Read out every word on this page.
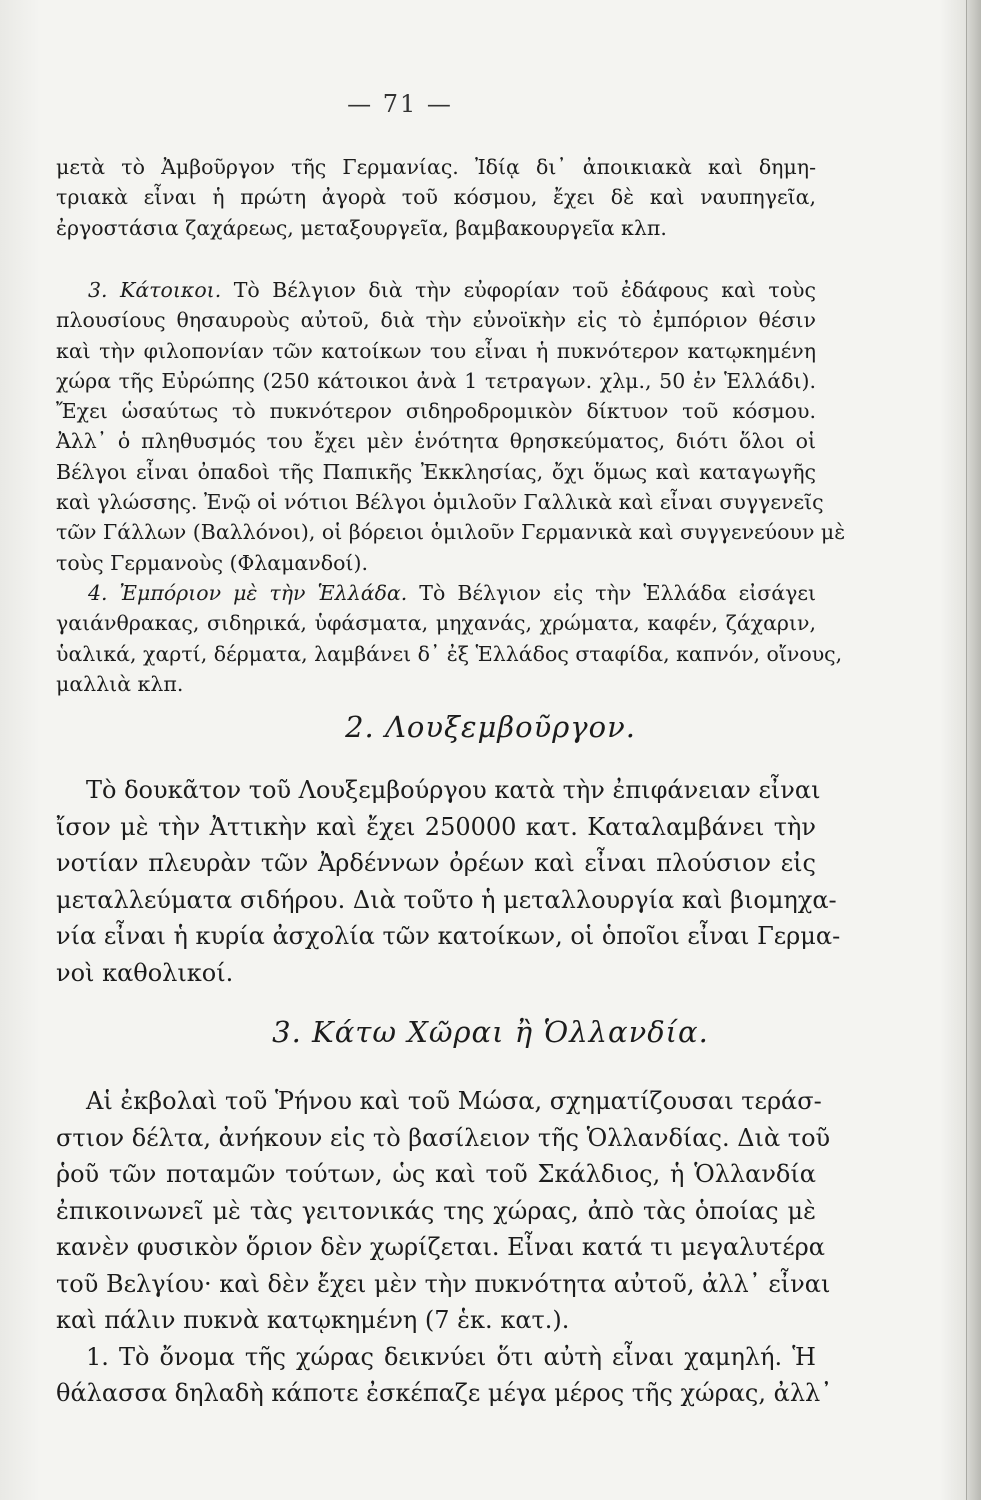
— 71 —

μετὰ τὸ Ἀμβοῦργον τῆς Γερμανίας. Ἰδίᾳ δι᾿ ἀποικιακὰ καὶ δημη-

τριακὰ εἶναι ἡ πρώτη ἀγορὰ τοῦ κόσμου, ἔχει δὲ καὶ ναυπηγεῖα,

ἐργοστάσια ζαχάρεως, μεταξουργεῖα, βαμβακουργεῖα κλπ.

3. Κάτοικοι. Τὸ Βέλγιον διὰ τὴν εὐφορίαν τοῦ ἐδάφους καὶ τοὺς

πλουσίους θησαυροὺς αὐτοῦ, διὰ τὴν εὐνοϊκὴν εἰς τὸ ἐμπόριον θέσιν

καὶ τὴν φιλοπονίαν τῶν κατοίκων του εἶναι ἡ πυκνότερον κατῳκημένη

χώρα τῆς Εὐρώπης (250 κάτοικοι ἀνὰ 1 τετραγων. χλμ., 50 ἐν Ἑλλάδι).

Ἔχει ὡσαύτως τὸ πυκνότερον σιδηροδρομικὸν δίκτυον τοῦ κόσμου.

Ἀλλ᾿ ὁ πληθυσμός του ἔχει μὲν ἑνότητα θρησκεύματος, διότι ὅλοι οἱ

Βέλγοι εἶναι ὀπαδοὶ τῆς Παπικῆς Ἐκκλησίας, ὄχι ὅμως καὶ καταγωγῆς

καὶ γλώσσης. Ἐνῷ οἱ νότιοι Βέλγοι ὁμιλοῦν Γαλλικὰ καὶ εἶναι συγγενεῖς

τῶν Γάλλων (Βαλλόνοι), οἱ βόρειοι ὁμιλοῦν Γερμανικὰ καὶ συγγενεύουν μὲ

τοὺς Γερμανοὺς (Φλαμανδοί).

4. Ἐμπόριον μὲ τὴν Ἑλλάδα. Τὸ Βέλγιον εἰς τὴν Ἑλλάδα εἰσάγει

γαιάνθρακας, σιδηρικά, ὑφάσματα, μηχανάς, χρώματα, καφέν, ζάχαριν,

ὑαλικά, χαρτί, δέρματα, λαμβάνει δ᾿ ἐξ Ἑλλάδος σταφίδα, καπνόν, οἴνους,

μαλλιὰ κλπ.

2. Λουξεμβοῦργον.

Τὸ δουκᾶτον τοῦ Λουξεμβούργου κατὰ τὴν ἐπιφάνειαν εἶναι

ἴσον μὲ τὴν Ἀττικὴν καὶ ἔχει 250000 κατ. Καταλαμβάνει τὴν

νοτίαν πλευρὰν τῶν Ἀρδέννων ὀρέων καὶ εἶναι πλούσιον εἰς

μεταλλεύματα σιδήρου. Διὰ τοῦτο ἡ μεταλλουργία καὶ βιομηχα-

νία εἶναι ἡ κυρία ἀσχολία τῶν κατοίκων, οἱ ὁποῖοι εἶναι Γερμα-

νοὶ καθολικοί.

3. Κάτω Χῶραι ἢ Ὁλλανδία.

Αἱ ἐκβολαὶ τοῦ Ῥήνου καὶ τοῦ Μώσα, σχηματίζουσαι τεράσ-

στιον δέλτα, ἀνήκουν εἰς τὸ βασίλειον τῆς Ὁλλανδίας. Διὰ τοῦ

ῥοῦ τῶν ποταμῶν τούτων, ὡς καὶ τοῦ Σκάλδιος, ἡ Ὁλλανδία

ἐπικοινωνεῖ μὲ τὰς γειτονικάς της χώρας, ἀπὸ τὰς ὁποίας μὲ

κανὲν φυσικὸν ὅριον δὲν χωρίζεται. Εἶναι κατά τι μεγαλυτέρα

τοῦ Βελγίου· καὶ δὲν ἔχει μὲν τὴν πυκνότητα αὐτοῦ, ἀλλ᾿ εἶναι

καὶ πάλιν πυκνὰ κατῳκημένη (7 ἑκ. κατ.).

1. Τὸ ὄνομα τῆς χώρας δεικνύει ὅτι αὐτὴ εἶναι χαμηλή. Ἡ

θάλασσα δηλαδὴ κάποτε ἐσκέπαζε μέγα μέρος τῆς χώρας, ἀλλ᾿
